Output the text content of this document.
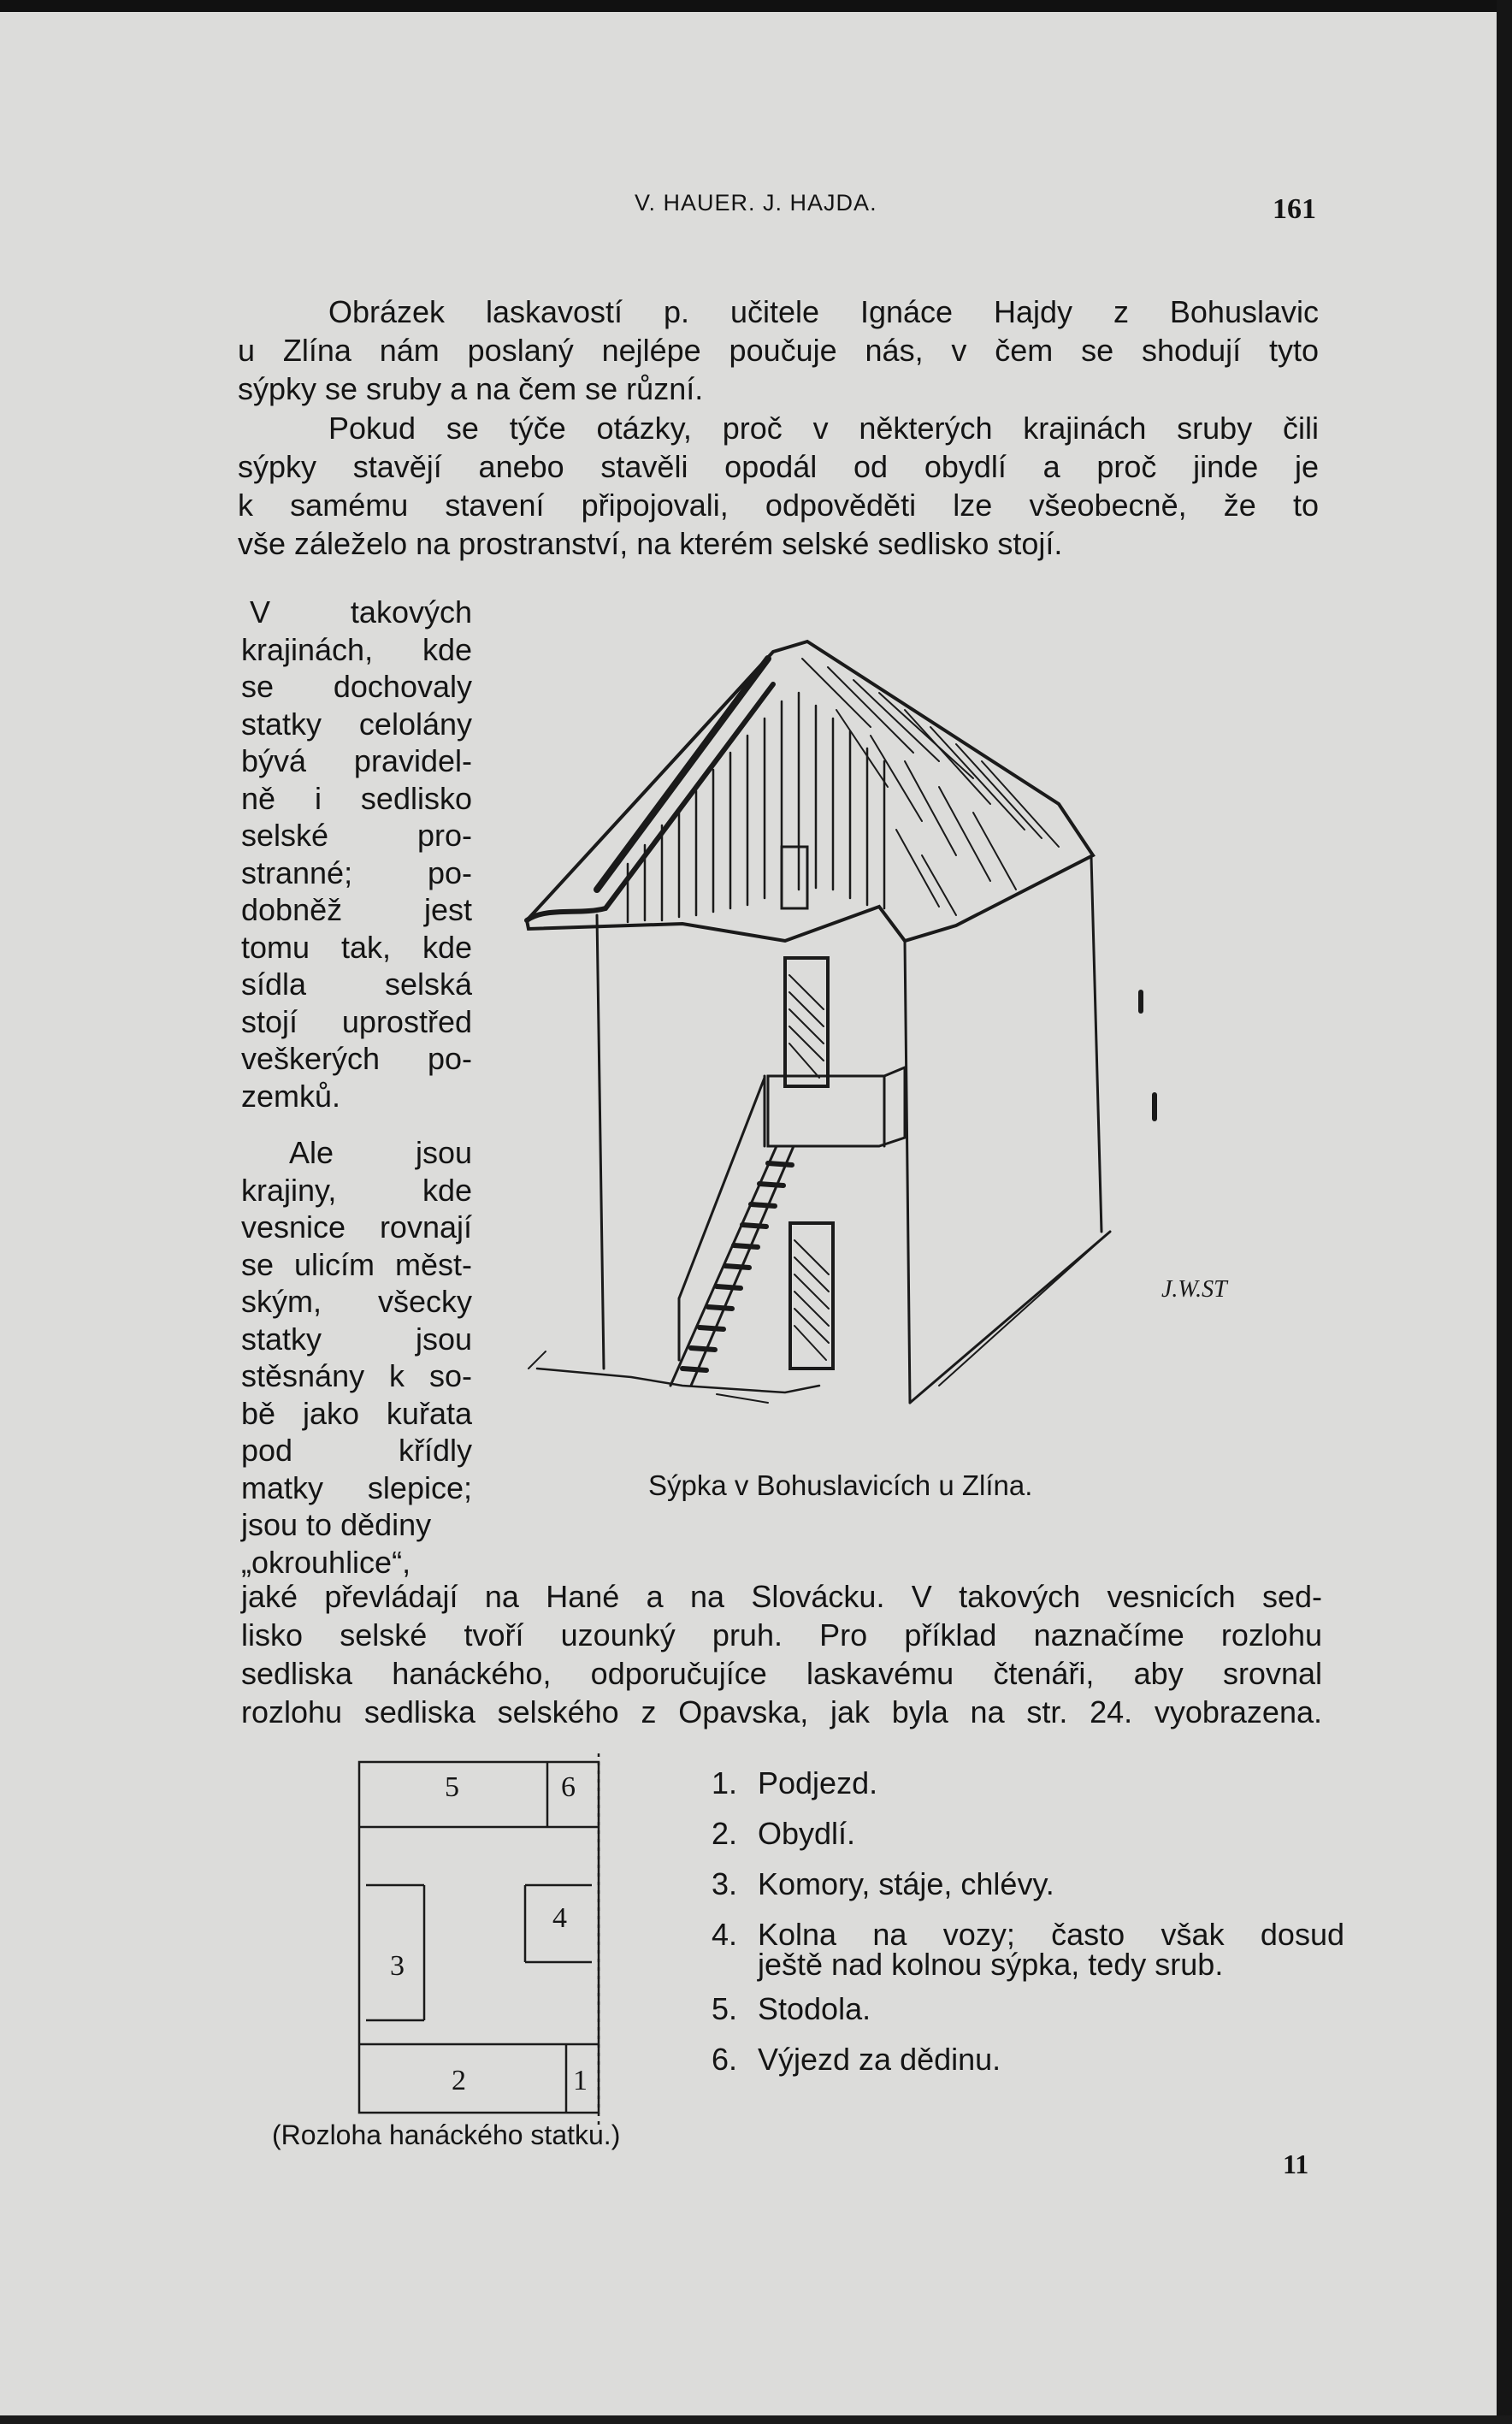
V. HAUER. J. HAJDA.	161

Obrázek laskavostí p. učitele Ignáce Hajdy z Bohuslavic
u Zlína nám poslaný nejlépe poučuje nás, v čem se shodují tyto
sýpky se sruby a na čem se různí.

Pokud se týče otázky, proč v některých krajinách sruby čili
sýpky stavějí anebo stavěli opodál od obydlí a proč jinde je
k samému stavení připojovali, odpověděti lze všeobecně, že to
vše záleželo na prostranství, na kterém selské sedlisko stojí.

V takových
krajinách, kde
se dochovaly
statky celolány
bývá pravidel-
ně i sedlisko
selské pro-
stranné; po-
dobněž jest
tomu tak, kde
sídla selská
stojí uprostřed
veškerých po-
zemků.

Ale jsou
krajiny, kde
vesnice rovnají
se ulicím měst-
ským, všecky
statky jsou
stěsnány k so-
bě jako kuřata
pod křídly
matky slepice;
jsou to dědiny
„okrouhlice“,

jaké převládají na Hané a na Slovácku. V takových vesnicích sed-
lisko selské tvoří uzounký pruh. Pro příklad naznačíme rozlohu
sedliska hanáckého, odporučujíce laskavému čtenáři, aby srovnal
rozlohu sedliska selského z Opavska, jak byla na str. 24. vyobrazena.

J.W.ST
Sýpka v Bohuslavicích u Zlína.
5	6
4
3
2	1
(Rozloha hanáckého statku.)
1. Podjezd.
2. Obydlí.
3. Komory, stáje, chlévy.
4. Kolna na vozy; často však dosud
ještě nad kolnou sýpka, tedy srub.
5. Stodola.
6. Výjezd za dědinu.
11
